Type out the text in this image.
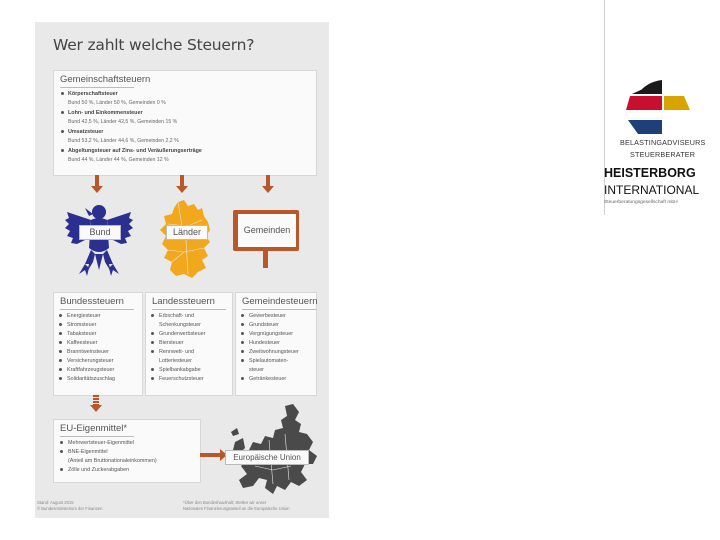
Wer zahlt welche Steuern?
Gemeinschaftsteuern
Körperschaftsteuer
Bund 50 %, Länder 50 %, Gemeinden 0 %
Lohn- und Einkommensteuer
Bund 42,5 %, Länder 42,5 %, Gemeinden 15 %
Umsatzsteuer
Bund 53,2 %, Länder 44,6 %, Gemeinden 2,2 %
Abgeltungsteuer auf Zins- und Veräußerungserträge
Bund 44 %, Länder 44 %, Gemeinden 12 %
Bund	Länder	Gemeinden
Bundessteuern	Landessteuern	Gemeindesteuern
Energiesteuer
Stromsteuer
Tabaksteuer
Kaffeesteuer
Branntweinsteuer
Versicherungsteuer
Kraftfahrzeugsteuer
Solidaritätszuschlag
Erbschaft- und
Schenkungsteuer
Grunderwerbsteuer
Biersteuer
Rennwett- und
Lotteriesteuer
Spielbankabgabe
Feuerschutzsteuer
Gewerbesteuer
Grundsteuer
Vergnügungsteuer
Hundesteuer
Zweitwohnungsteuer
Spielautomaten-
steuer
Getränkesteuer
EU-Eigenmittel*
Mehrwertsteuer-Eigenmittel
BNE-Eigenmittel
(Anteil am Bruttonationaleinkommen)
Zölle und Zuckerabgaben
Europäische Union
Stand: August 2015
© Bundesministerium der Finanzen
*Über den Bundeshaushalt; Stellen wir unser
Nationalen Finanzierungsanteil an die Europäische Union
BELASTINGADVISEURS
STEUERBERATER
HEISTERBORG
INTERNATIONAL
Steuerberatungsgesellschaft mbH
